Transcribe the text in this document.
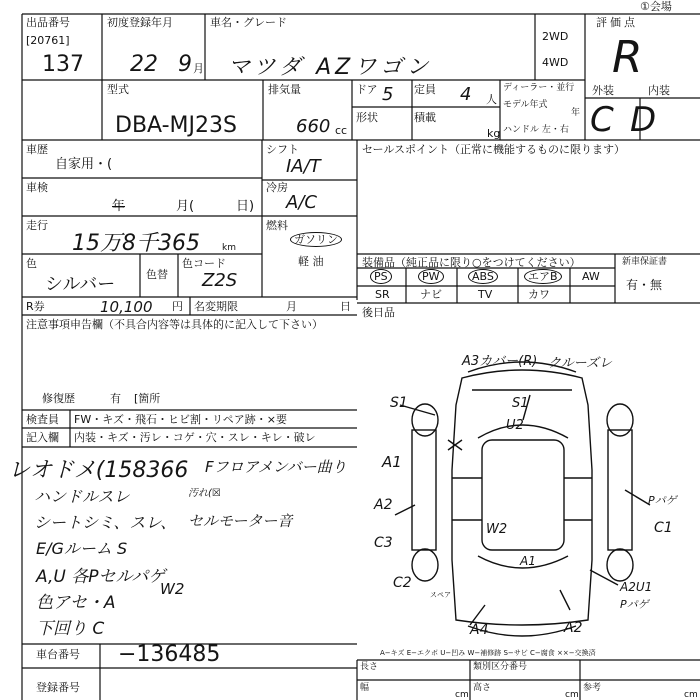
出品番号
[20761]
137
初度登録年月
22 9 月
車名・グレード
マツダ AZワゴン
2WD
4WD
評価点
R
①会場
型式
DBA-MJ23S
排気量
660 cc
ドア 5 定員 4 人
形状	積載
kg
ディーラー・並行
モデル年式
年
ハンドル 左・右
外装	内装
C D
車歴
自家用・(
シフト
IA/T
車検
年	月(	日)
冷房
A/C
走行
15万8千365 km
燃料
ガソリン
軽 油
色
シルバー	色替
色コード
Z2S
R券	10,100 円 名変期限	月	日
セールスポイント（正常に機能するものに限ります）
装備品（純正品に限り○をつけてください）	新車保証書
有・無
PS	PW	ABS	エアB	AW
SR	ナビ	TV	カワ
注意事項申告欄（不具合内容等は具体的に記入して下さい）
修復歴	有 [箇所
後日品
検査員 FW・キズ・飛石・ヒビ割・リペア跡・×要
記入欄 内装・キズ・汚レ・コゲ・穴・スレ・キレ・破レ
レオドメ(158366 Fフロアメンバー曲り
ハンドルスレ	汚れ(☒
シートシミ、スレ、 セルモーター音
E/Gルーム S
A,U 各Pセルパゲ
W2
色アセ・A
下回り C
A3カバー(R) クルーズレ
S1	S1
U2
A1
A2
C3
C2
W2
A1
Pパゲ
C1
A2U1
Pパゲ
A4	A2
スペア
A−キズ E−エクボ U−凹み W−補修跡 S−サビ C−腐食 ××−交換済
車台番号 −136485
登録番号
長さ
幅
類別区分番号
高さ	参考
cm	cm	cm
